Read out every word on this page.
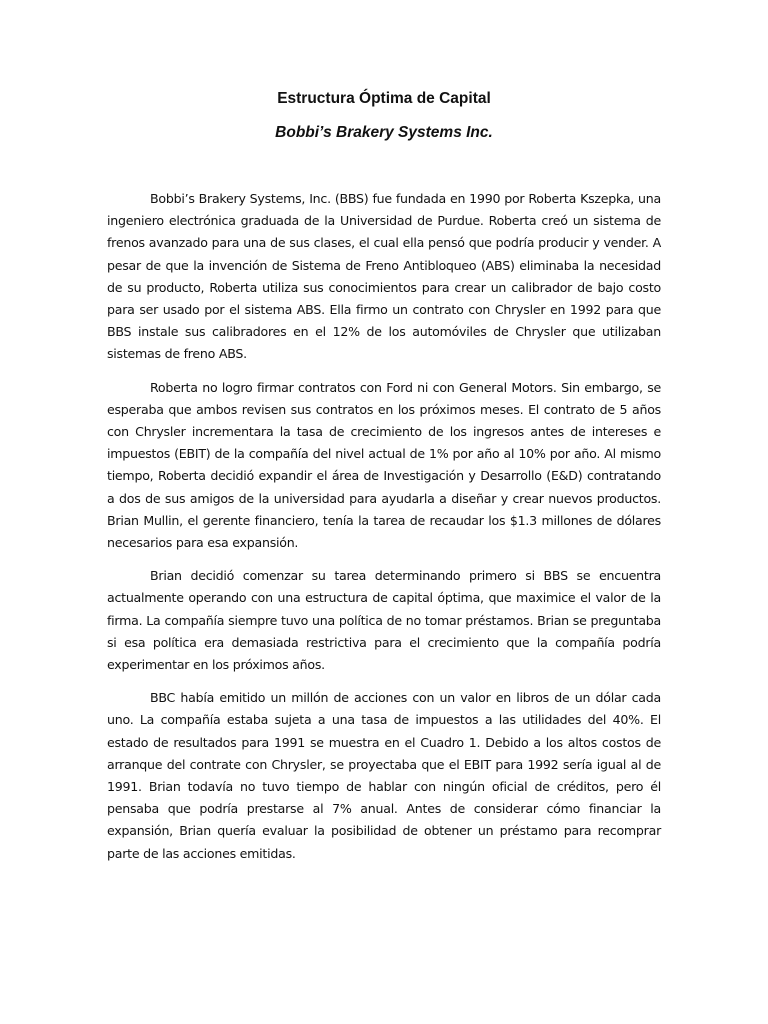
Estructura Óptima de Capital
Bobbi’s Brakery Systems Inc.

Bobbi’s Brakery Systems, Inc. (BBS) fue fundada en 1990 por Roberta Kszepka, una ingeniero electrónica graduada de la Universidad de Purdue. Roberta creó un sistema de frenos avanzado para una de sus clases, el cual ella pensó que podría producir y vender. A pesar de que la invención de Sistema de Freno Antibloqueo (ABS) eliminaba la necesidad de su producto, Roberta utiliza sus conocimientos para crear un calibrador de bajo costo para ser usado por el sistema ABS. Ella firmo un contrato con Chrysler en 1992 para que BBS instale sus calibradores en el 12% de los automóviles de Chrysler que utilizaban sistemas de freno ABS.

Roberta no logro firmar contratos con Ford ni con General Motors. Sin embargo, se esperaba que ambos revisen sus contratos en los próximos meses. El contrato de 5 años con Chrysler incrementara la tasa de crecimiento de los ingresos antes de intereses e impuestos (EBIT) de la compañía del nivel actual de 1% por año al 10% por año. Al mismo tiempo, Roberta decidió expandir el área de Investigación y Desarrollo (E&D) contratando a dos de sus amigos de la universidad para ayudarla a diseñar y crear nuevos productos. Brian Mullin, el gerente financiero, tenía la tarea de recaudar los $1.3 millones de dólares necesarios para esa expansión.

Brian decidió comenzar su tarea determinando primero si BBS se encuentra actualmente operando con una estructura de capital óptima, que maximice el valor de la firma. La compañía siempre tuvo una política de no tomar préstamos. Brian se preguntaba si esa política era demasiada restrictiva para el crecimiento que la compañía podría experimentar en los próximos años.

BBC había emitido un millón de acciones con un valor en libros de un dólar cada uno. La compañía estaba sujeta a una tasa de impuestos a las utilidades del 40%. El estado de resultados para 1991 se muestra en el Cuadro 1. Debido a los altos costos de arranque del contrate con Chrysler, se proyectaba que el EBIT para 1992 sería igual al de 1991. Brian todavía no tuvo tiempo de hablar con ningún oficial de créditos, pero él pensaba que podría prestarse al 7% anual. Antes de considerar cómo financiar la expansión, Brian quería evaluar la posibilidad de obtener un préstamo para recomprar parte de las acciones emitidas.
